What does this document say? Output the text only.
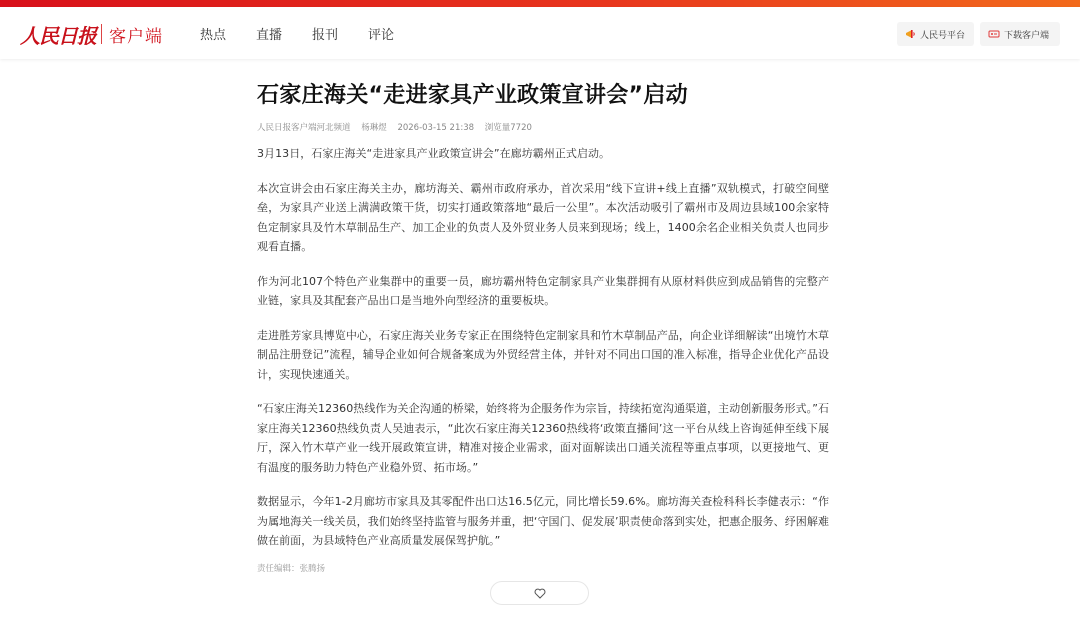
人民日报 客户端	热点 直播 报刊 评论	人民号平台	下载客户端
石家庄海关“走进家具产业政策宣讲会”启动
人民日报客户端河北频道 杨琳煜 2026-03-15 21:38 浏览量7720

3月13日，石家庄海关“走进家具产业政策宣讲会”在廊坊霸州正式启动。

本次宣讲会由石家庄海关主办，廊坊海关、霸州市政府承办，首次采用“线下宣讲+线上直播”双轨模式，打破空间壁垒，为家具产业送上满满政策干货，切实打通政策落地“最后一公里”。本次活动吸引了霸州市及周边县域100余家特色定制家具及竹木草制品生产、加工企业的负责人及外贸业务人员来到现场；线上，1400余名企业相关负责人也同步观看直播。

作为河北107个特色产业集群中的重要一员，廊坊霸州特色定制家具产业集群拥有从原材料供应到成品销售的完整产业链，家具及其配套产品出口是当地外向型经济的重要板块。

走进胜芳家具博览中心，石家庄海关业务专家正在围绕特色定制家具和竹木草制品产品，向企业详细解读“出境竹木草制品注册登记”流程，辅导企业如何合规备案成为外贸经营主体，并针对不同出口国的准入标准，指导企业优化产品设计，实现快速通关。

“石家庄海关12360热线作为关企沟通的桥梁，始终将为企服务作为宗旨，持续拓宽沟通渠道，主动创新服务形式。”石家庄海关12360热线负责人吴迪表示，“此次石家庄海关12360热线将‘政策直播间’这一平台从线上咨询延伸至线下展厅，深入竹木草产业一线开展政策宣讲，精准对接企业需求，面对面解读出口通关流程等重点事项，以更接地气、更有温度的服务助力特色产业稳外贸、拓市场。”

数据显示，今年1-2月廊坊市家具及其零配件出口达16.5亿元，同比增长59.6%。廊坊海关查检科科长李健表示：“作为属地海关一线关员，我们始终坚持监管与服务并重，把‘守国门、促发展’职责使命落到实处，把惠企服务、纾困解难做在前面，为县域特色产业高质量发展保驾护航。”

责任编辑：张腾扬
